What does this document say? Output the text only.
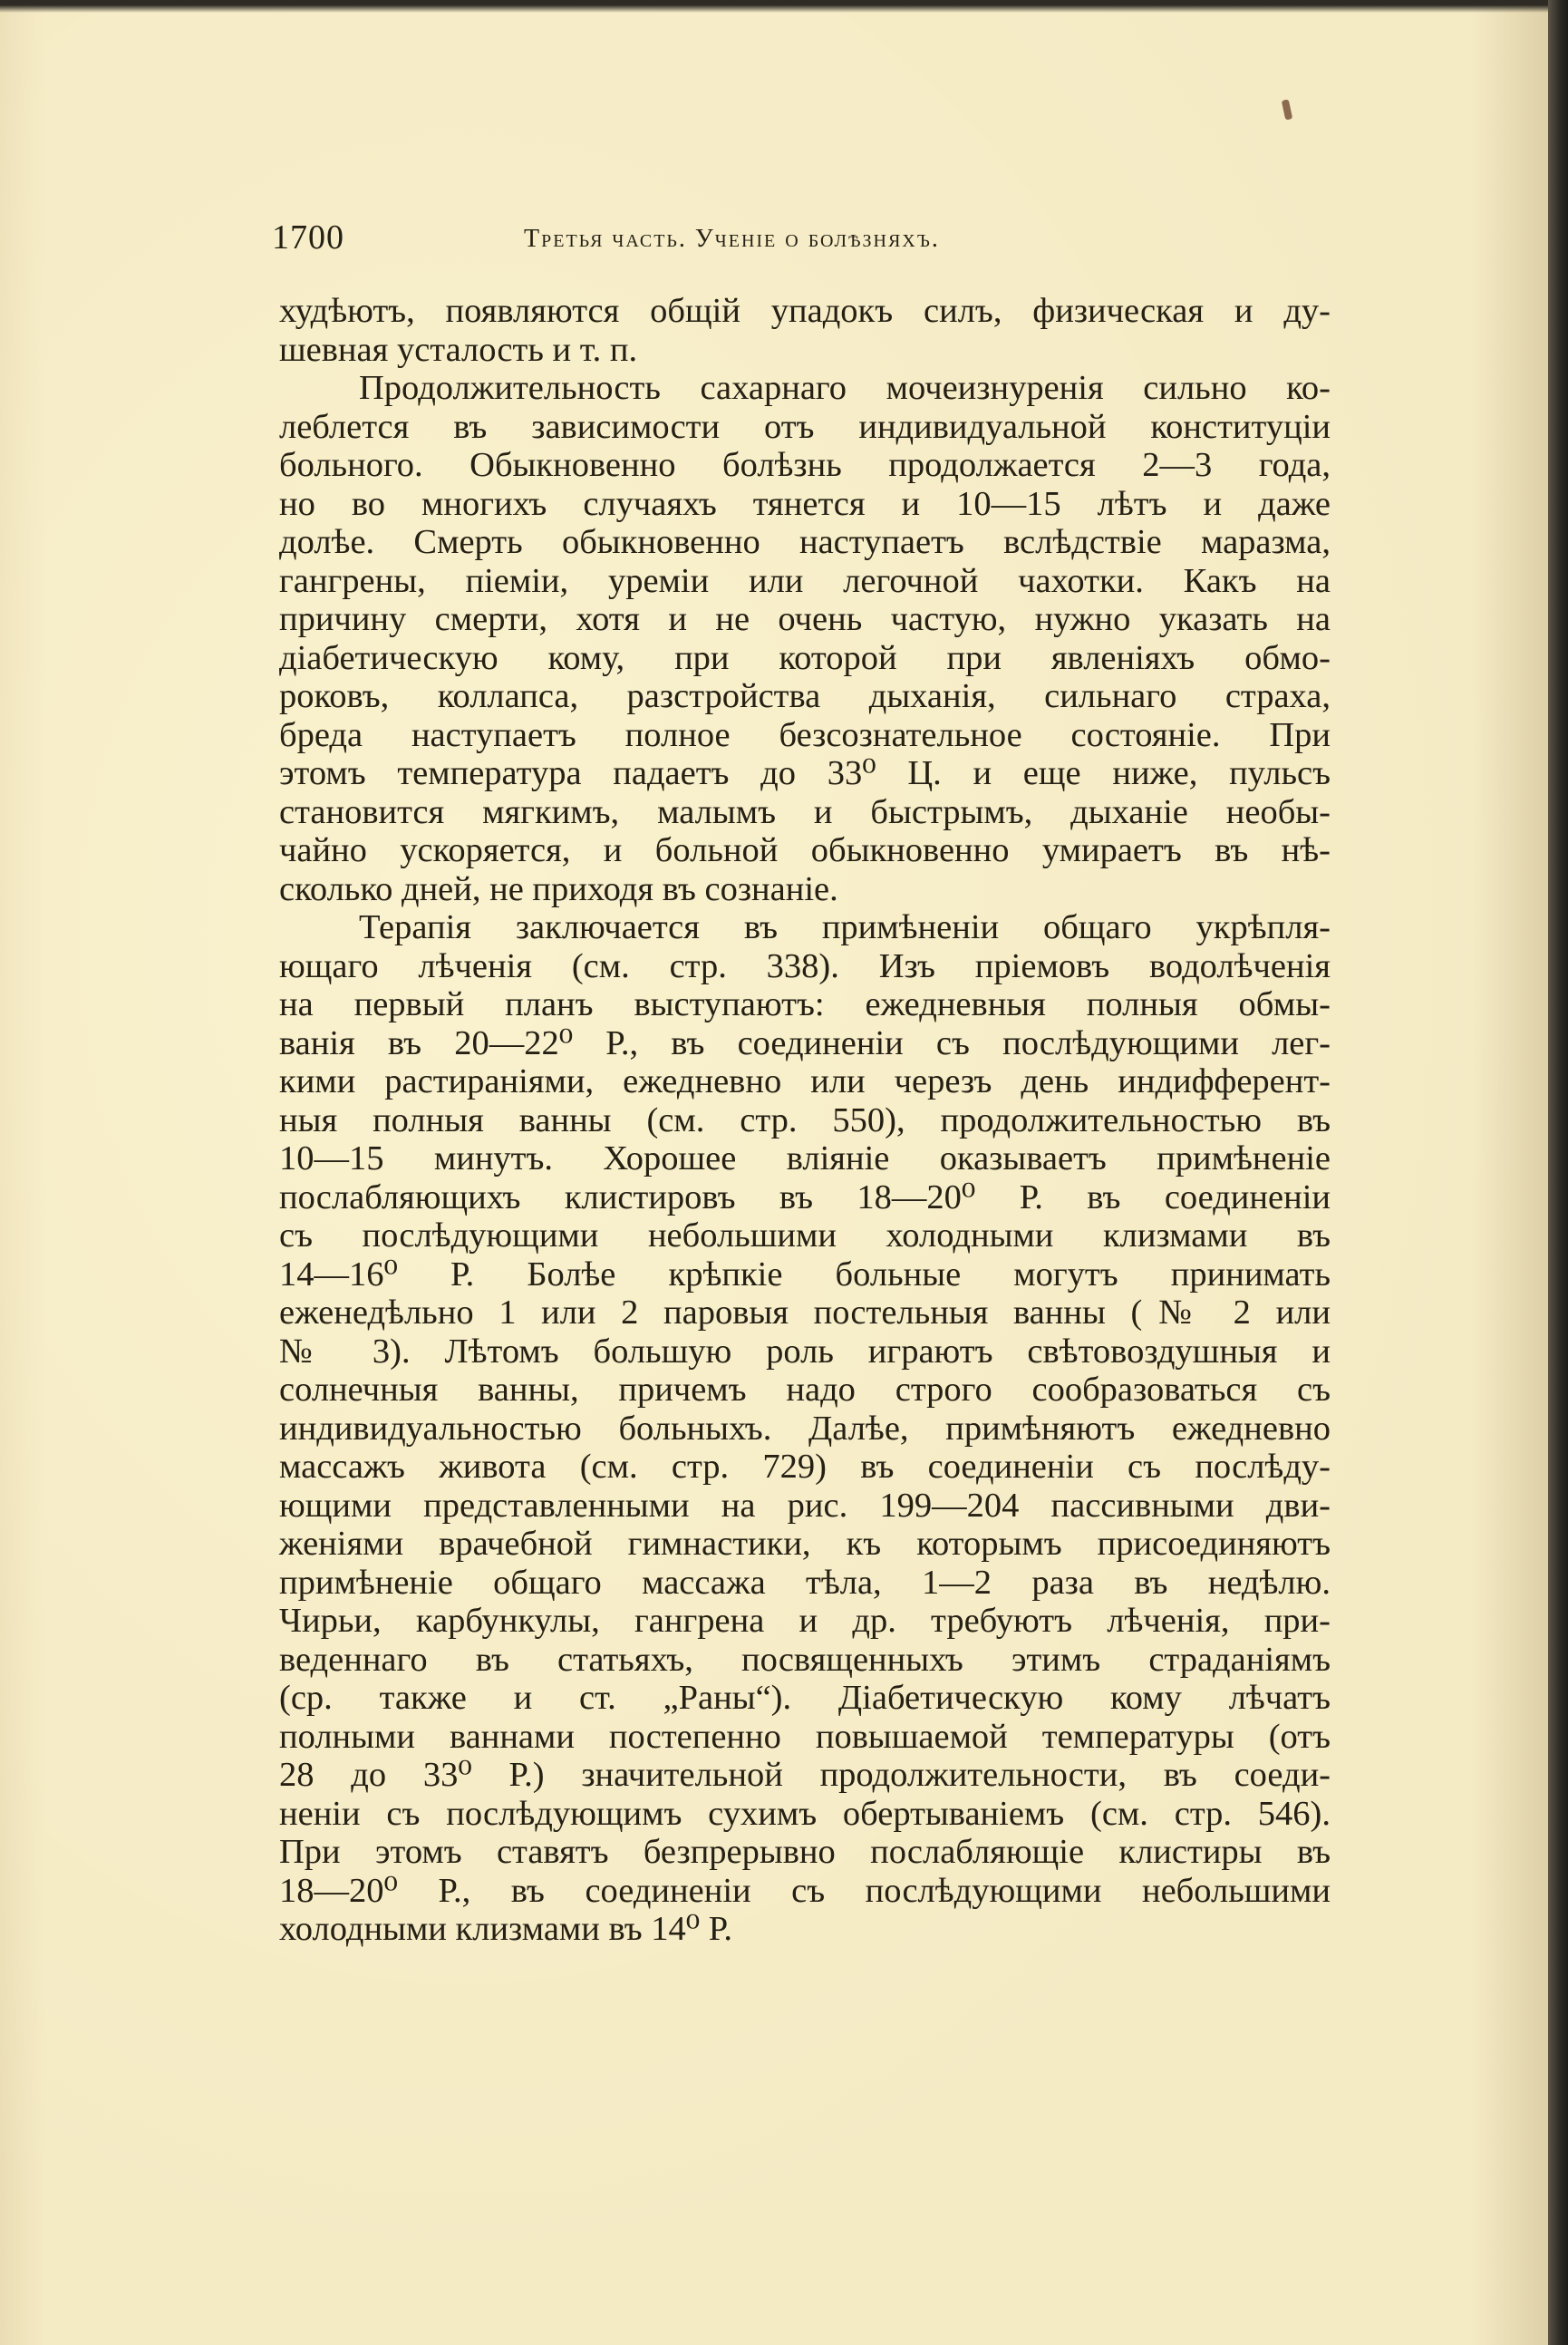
1700	Третья часть. Ученiе о болѣзняхъ.
худѣютъ, появляются общiй упадокъ силъ, физическая и ду-
шевная усталость и т. п.
Продолжительность сахарнаго мочеизнуренiя сильно ко-
леблется въ зависимости отъ индивидуальной конституцiи
больного. Обыкновенно болѣзнь продолжается 2—3 года,
но во многихъ случаяхъ тянется и 10—15 лѣтъ и даже
долѣе. Смерть обыкновенно наступаетъ вслѣдствiе маразма,
гангрены, пiемiи, уремiи или легочной чахотки. Какъ на
причину смерти, хотя и не очень частую, нужно указать на
дiабетическую кому, при которой при явленiяхъ обмо-
роковъ, коллапса, разстройства дыханiя, сильнаго страха,
бреда наступаетъ полное безсознательное состоянiе. При
этомъ температура падаетъ до 33⁰ Ц. и еще ниже, пульсъ
становится мягкимъ, малымъ и быстрымъ, дыханiе необы-
чайно ускоряется, и больной обыкновенно умираетъ въ нѣ-
сколько дней, не приходя въ сознанiе.
Терапiя заключается въ примѣненiи общаго укрѣпля-
ющаго лѣченiя (см. стр. 338). Изъ прiемовъ водолѣченiя
на первый планъ выступаютъ: ежедневныя полныя обмы-
ванiя въ 20—22⁰ Р., въ соединенiи съ послѣдующими лег-
кими растиранiями, ежедневно или черезъ день индифферент-
ныя полныя ванны (см. стр. 550), продолжительностью въ
10—15 минутъ. Хорошее влiянiе оказываетъ примѣненiе
послабляющихъ клистировъ въ 18—20⁰ Р. въ соединенiи
съ послѣдующими небольшими холодными клизмами въ
14—16⁰ Р. Болѣе крѣпкiе больные могутъ принимать
еженедѣльно 1 или 2 паровыя постельныя ванны (№ 2 или
№ 3). Лѣтомъ большую роль играютъ свѣтовоздушныя и
солнечныя ванны, причемъ надо строго сообразоваться съ
индивидуальностью больныхъ. Далѣе, примѣняютъ ежедневно
массажъ живота (см. стр. 729) въ соединенiи съ послѣду-
ющими представленными на рис. 199—204 пассивными дви-
женiями врачебной гимнастики, къ которымъ присоединяютъ
примѣненiе общаго массажа тѣла, 1—2 раза въ недѣлю.
Чирьи, карбункулы, гангрена и др. требуютъ лѣченiя, при-
веденнаго въ статьяхъ, посвященныхъ этимъ страданiямъ
(ср. также и ст. „Раны“). Дiабетическую кому лѣчатъ
полными ваннами постепенно повышаемой температуры (отъ
28 до 33⁰ Р.) значительной продолжительности, въ соеди-
ненiи съ послѣдующимъ сухимъ обертыванiемъ (см. стр. 546).
При этомъ ставятъ безпрерывно послабляющiе клистиры въ
18—20⁰ Р., въ соединенiи съ послѣдующими небольшими
холодными клизмами въ 14⁰ Р.
